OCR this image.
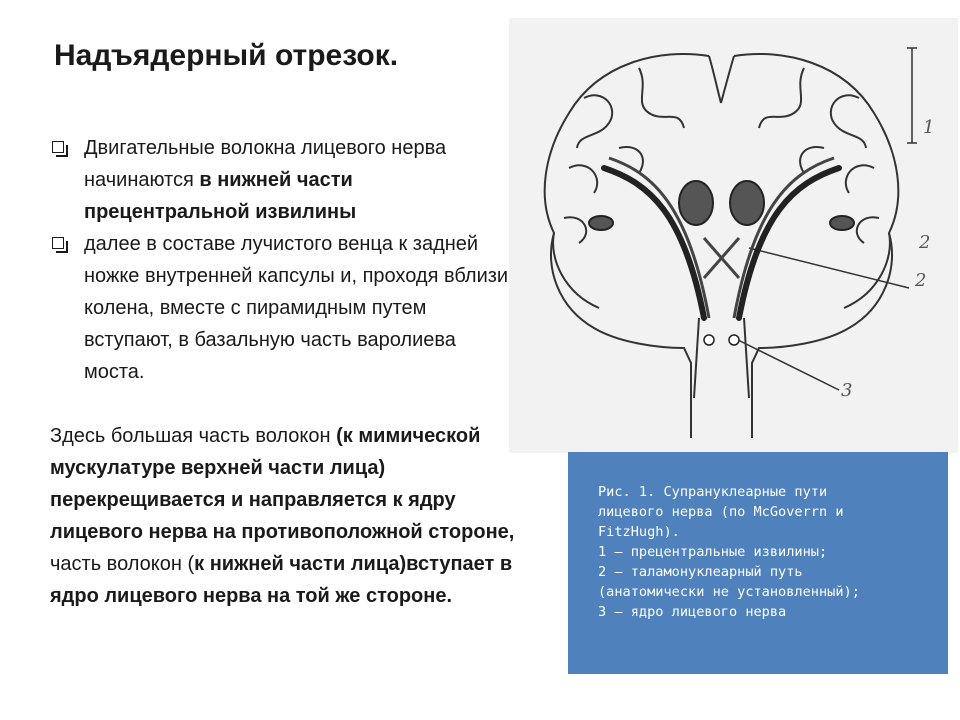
Надъядерный отрезок.
Двигательные волокна лицевого нерва начинаются в нижней части прецентральной извилины
далее в составе лучистого венца к задней ножке внутренней капсулы и, проходя вблизи колена, вместе с пирамидным путем вступают, в базальную часть варолиева моста.

Здесь большая часть волокон (к мимической мускулатуре верхней части лица) перекрещивается и направляется к ядру лицевого нерва на противоположной стороне, часть волокон (к нижней части лица)вступает в ядро лицевого нерва на той же стороне.

1
2
2
3
Рис. 1. Супрануклеарные пути
лицевого нерва (по McGoverrn и
FitzHugh).
1 — прецентральные извилины;
2 — таламонуклеарный путь
(анатомически не установленный);
3 — ядро лицевого нерва
